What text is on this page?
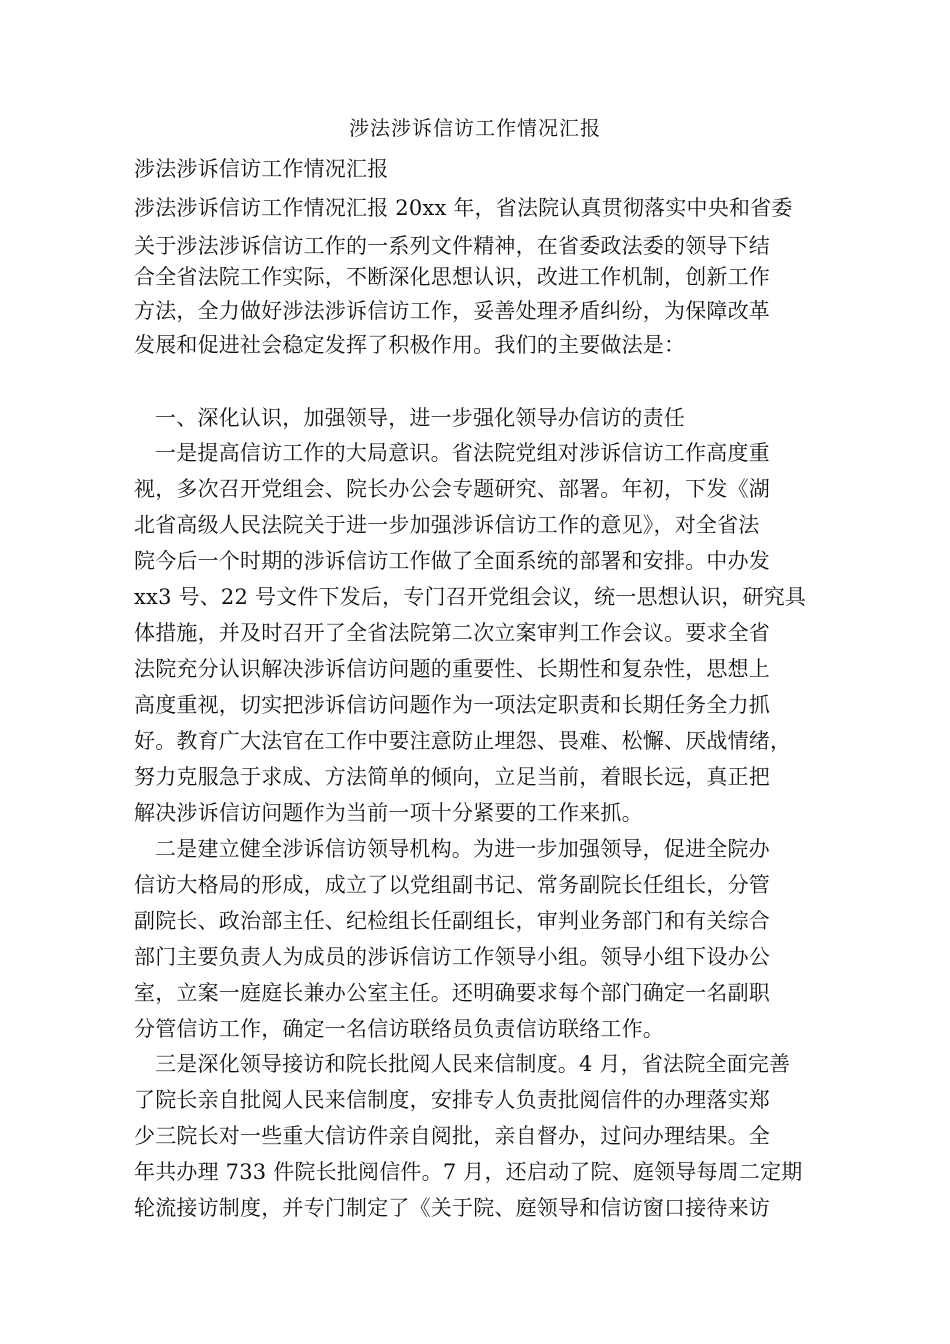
涉法涉诉信访工作情况汇报
涉法涉诉信访工作情况汇报
涉法涉诉信访工作情况汇报 20xx 年，省法院认真贯彻落实中央和省委
关于涉法涉诉信访工作的一系列文件精神，在省委政法委的领导下结
合全省法院工作实际，不断深化思想认识，改进工作机制，创新工作
方法，全力做好涉法涉诉信访工作，妥善处理矛盾纠纷，为保障改革
发展和促进社会稳定发挥了积极作用。我们的主要做法是：
一、深化认识，加强领导，进一步强化领导办信访的责任
一是提高信访工作的大局意识。省法院党组对涉诉信访工作高度重
视，多次召开党组会、院长办公会专题研究、部署。年初，下发《湖
北省高级人民法院关于进一步加强涉诉信访工作的意见》，对全省法
院今后一个时期的涉诉信访工作做了全面系统的部署和安排。中办发
xx3 号、22 号文件下发后，专门召开党组会议，统一思想认识，研究具
体措施，并及时召开了全省法院第二次立案审判工作会议。要求全省
法院充分认识解决涉诉信访问题的重要性、长期性和复杂性，思想上
高度重视，切实把涉诉信访问题作为一项法定职责和长期任务全力抓
好。教育广大法官在工作中要注意防止埋怨、畏难、松懈、厌战情绪，
努力克服急于求成、方法简单的倾向，立足当前，着眼长远，真正把
解决涉诉信访问题作为当前一项十分紧要的工作来抓。
二是建立健全涉诉信访领导机构。为进一步加强领导，促进全院办
信访大格局的形成，成立了以党组副书记、常务副院长任组长，分管
副院长、政治部主任、纪检组长任副组长，审判业务部门和有关综合
部门主要负责人为成员的涉诉信访工作领导小组。领导小组下设办公
室，立案一庭庭长兼办公室主任。还明确要求每个部门确定一名副职
分管信访工作，确定一名信访联络员负责信访联络工作。
三是深化领导接访和院长批阅人民来信制度。4 月，省法院全面完善
了院长亲自批阅人民来信制度，安排专人负责批阅信件的办理落实郑
少三院长对一些重大信访件亲自阅批，亲自督办，过问办理结果。全
年共办理 733 件院长批阅信件。7 月，还启动了院、庭领导每周二定期
轮流接访制度，并专门制定了《关于院、庭领导和信访窗口接待来访
